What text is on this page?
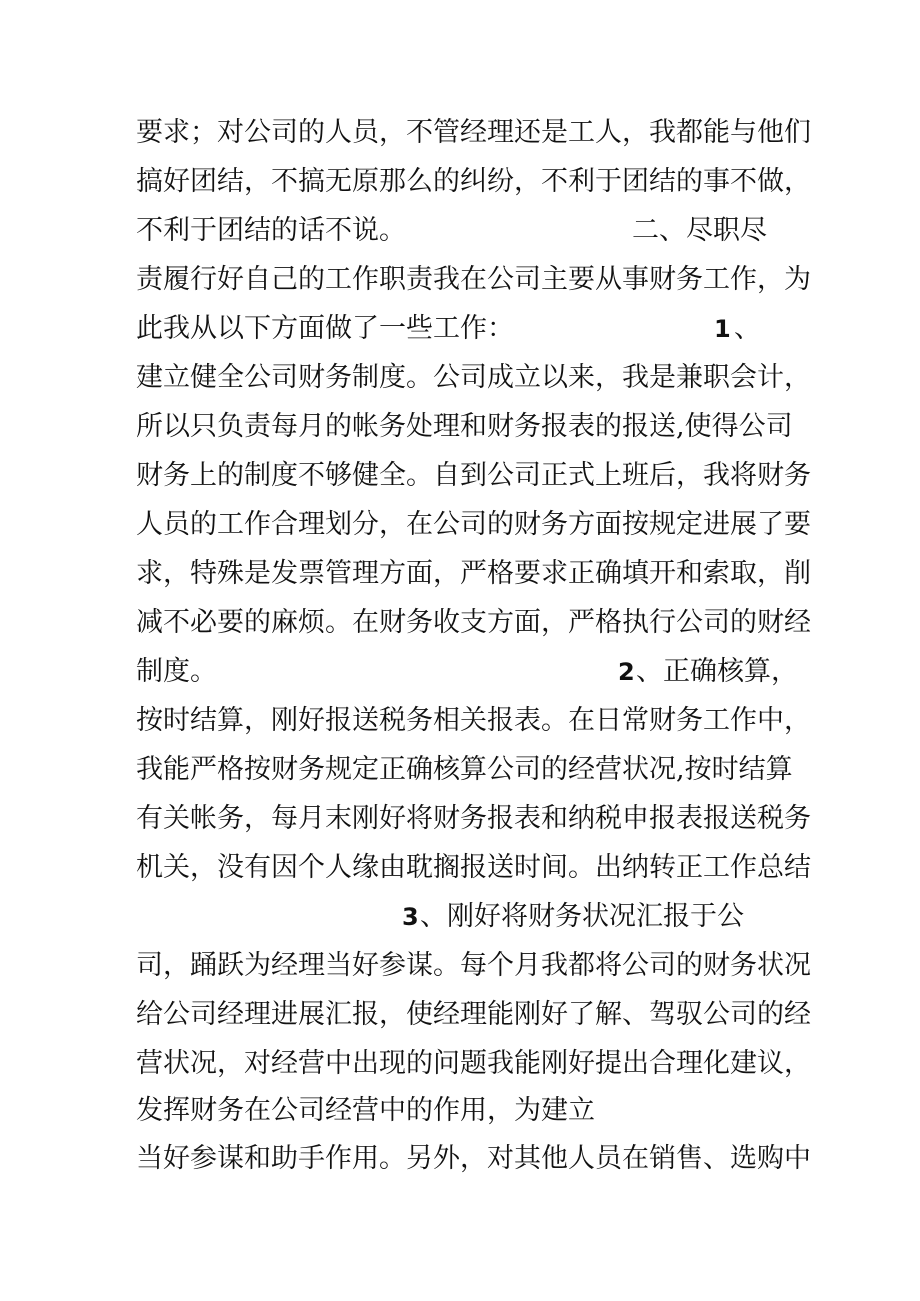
要求；对公司的人员，不管经理还是工人，我都能与他们
搞好团结，不搞无原那么的纠纷，不利于团结的事不做，
不利于团结的话不说。	二、尽职尽
责履行好自己的工作职责我在公司主要从事财务工作，为
此我从以下方面做了一些工作：	1 、
建立健全公司财务制度。公司成立以来，我是兼职会计，
所以只负责每月的帐务处理和财务报表的报送,使得公司
财务上的制度不够健全。自到公司正式上班后，我将财务
人员的工作合理划分，在公司的财务方面按规定进展了要
求，特殊是发票管理方面，严格要求正确填开和索取，削
减不必要的麻烦。在财务收支方面，严格执行公司的财经
制度。	2 、正确核算，
按时结算，刚好报送税务相关报表。在日常财务工作中，
我能严格按财务规定正确核算公司的经营状况,按时结算
有关帐务，每月末刚好将财务报表和纳税申报表报送税务
机关，没有因个人缘由耽搁报送时间。出纳转正工作总结
3 、刚好将财务状况汇报于公
司，踊跃为经理当好参谋。每个月我都将公司的财务状况
给公司经理进展汇报，使经理能刚好了解、驾驭公司的经
营状况，对经营中出现的问题我能刚好提出合理化建议，
发挥财务在公司经营中的作用，为建立
当好参谋和助手作用。另外，对其他人员在销售、选购中
